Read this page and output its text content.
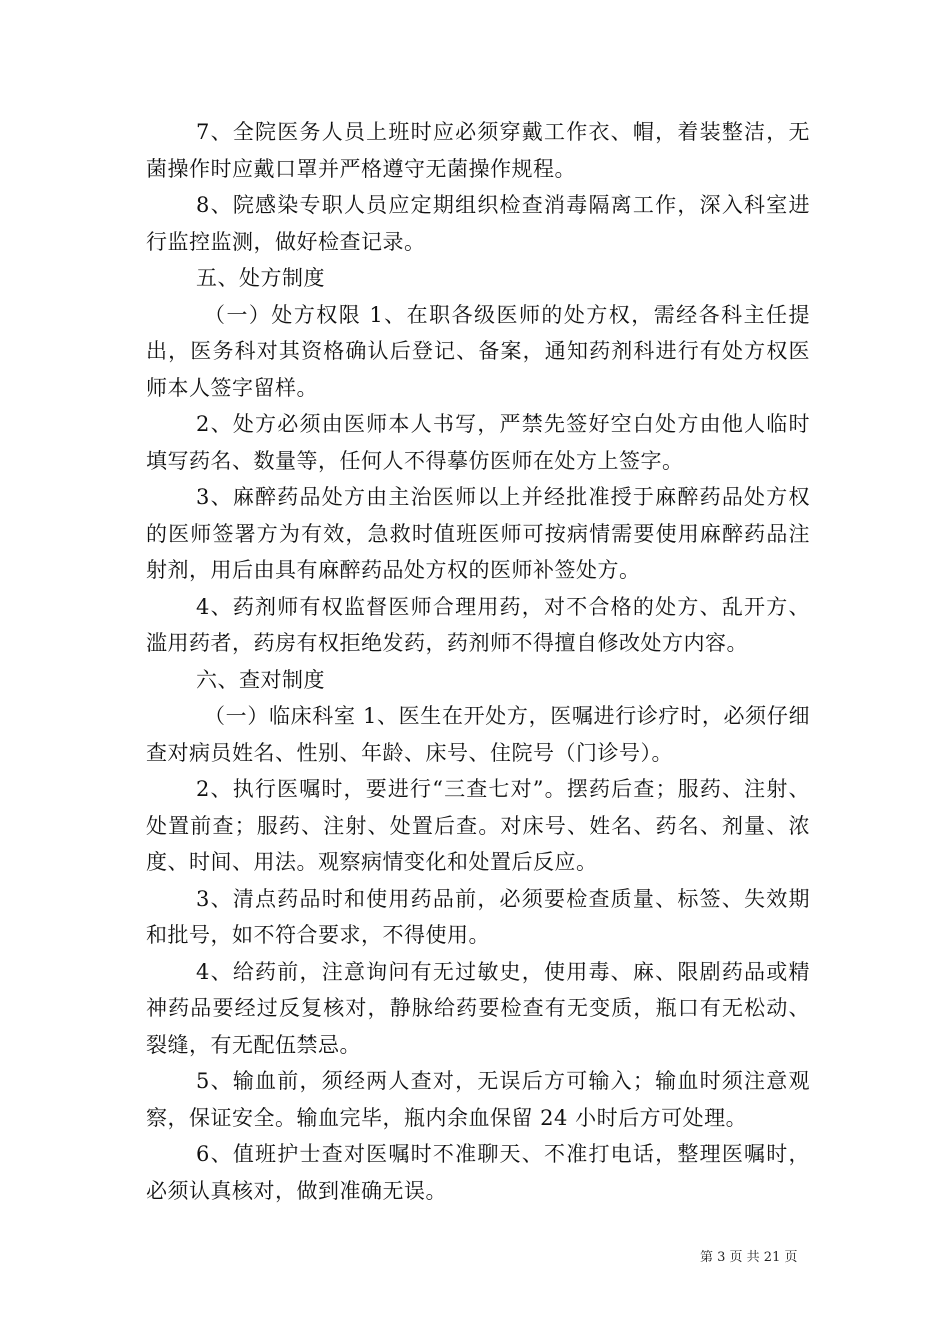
7、全院医务人员上班时应必须穿戴工作衣、帽，着装整洁，无菌操作时应戴口罩并严格遵守无菌操作规程。

8、院感染专职人员应定期组织检查消毒隔离工作，深入科室进行监控监测，做好检查记录。

五、处方制度

（一）处方权限 1、在职各级医师的处方权，需经各科主任提出，医务科对其资格确认后登记、备案，通知药剂科进行有处方权医师本人签字留样。

2、处方必须由医师本人书写，严禁先签好空白处方由他人临时填写药名、数量等，任何人不得摹仿医师在处方上签字。

3、麻醉药品处方由主治医师以上并经批准授于麻醉药品处方权的医师签署方为有效，急救时值班医师可按病情需要使用麻醉药品注射剂，用后由具有麻醉药品处方权的医师补签处方。

4、药剂师有权监督医师合理用药，对不合格的处方、乱开方、滥用药者，药房有权拒绝发药，药剂师不得擅自修改处方内容。

六、查对制度

（一）临床科室 1、医生在开处方，医嘱进行诊疗时，必须仔细查对病员姓名、性别、年龄、床号、住院号（门诊号）。

2、执行医嘱时，要进行“三查七对”。摆药后查；服药、注射、处置前查；服药、注射、处置后查。对床号、姓名、药名、剂量、浓度、时间、用法。观察病情变化和处置后反应。

3、清点药品时和使用药品前，必须要检查质量、标签、失效期和批号，如不符合要求，不得使用。

4、给药前，注意询问有无过敏史，使用毒、麻、限剧药品或精神药品要经过反复核对，静脉给药要检查有无变质，瓶口有无松动、裂缝，有无配伍禁忌。

5、输血前，须经两人查对，无误后方可输入；输血时须注意观察，保证安全。输血完毕，瓶内余血保留 24 小时后方可处理。

6、值班护士查对医嘱时不准聊天、不准打电话，整理医嘱时，必须认真核对，做到准确无误。

第 3 页 共 21 页
